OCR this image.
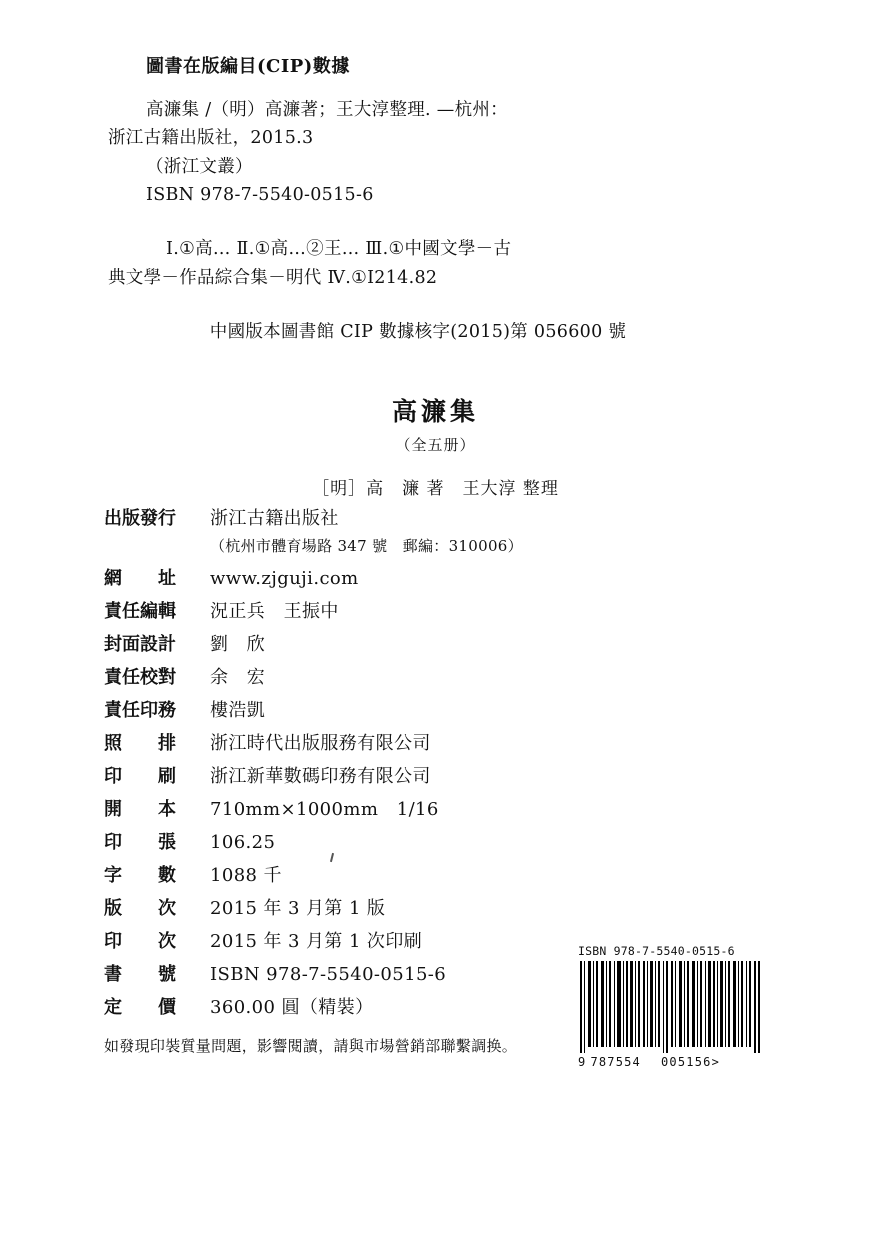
圖書在版編目(CIP)數據
高濂集 /（明）高濂著；王大淳整理. —杭州：
浙江古籍出版社，2015.3
（浙江文叢）
ISBN 978-7-5540-0515-6
Ⅰ.①高… Ⅱ.①高…②王… Ⅲ.①中國文學－古
典文學－作品綜合集－明代 Ⅳ.①I214.82
中國版本圖書館 CIP 數據核字(2015)第 056600 號
高濂集
（全五册）
［明］高　濂 著　王大淳 整理
出版發行	浙江古籍出版社
（杭州市體育場路 347 號　郵編：310006）
網　　址	www.zjguji.com
責任編輯	況正兵　王振中
封面設計	劉　欣
責任校對	余　宏
責任印務	樓浩凱
照　　排	浙江時代出版服務有限公司
印　　刷	浙江新華數碼印務有限公司
開　　本	710mm×1000mm　1/16
印　　張	106.25
字　　數	1088 千
版　　次	2015 年 3 月第 1 版
印　　次	2015 年 3 月第 1 次印刷
書　　號	ISBN 978-7-5540-0515-6
定　　價	360.00 圓（精裝）
如發現印裝質量問題，影響閱讀，請與市場營銷部聯繫調换。
ISBN 978-7-5540-0515-6
9 787554 005156>
